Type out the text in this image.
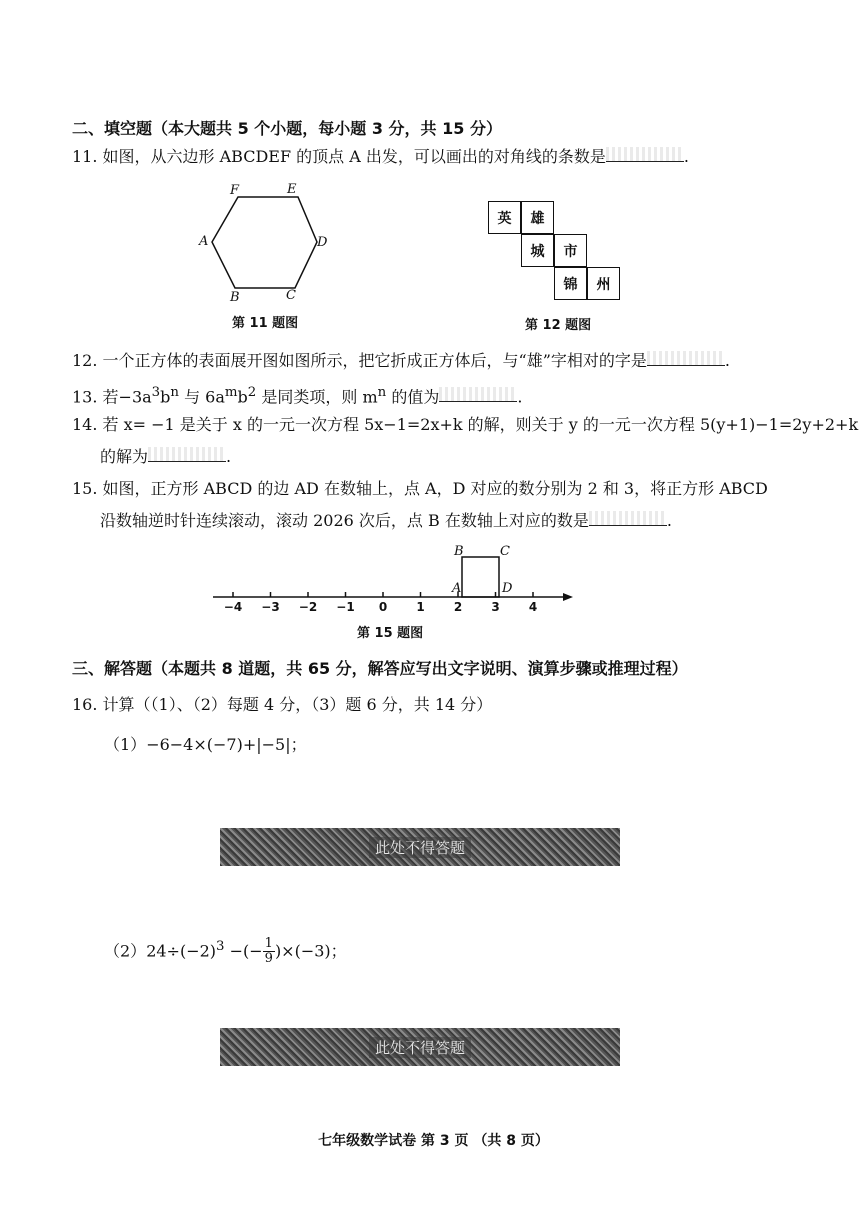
二、填空题（本大题共 5 个小题，每小题 3 分，共 15 分）
11. 如图，从六边形 ABCDEF 的顶点 A 出发，可以画出的对角线的条数是	.
F	E
A	D
B	C
第 11 题图
英	雄
城	市
锦	州
第 12 题图
12. 一个正方体的表面展开图如图所示，把它折成正方体后，与“雄”字相对的字是	.
13. 若$-3a^3b^n$ 与 $6a^mb^2$ 是同类项，则 $m^n$ 的值为	.
14. 若 x= −1 是关于 x 的一元一次方程 5x−1=2x+k 的解，则关于 y 的一元一次方程 5(y+1)−1=2y+2+k
的解为	.
15. 如图，正方形 ABCD 的边 AD 在数轴上，点 A，D 对应的数分别为 2 和 3，将正方形 ABCD
沿数轴逆时针连续滚动，滚动 2026 次后，点 B 在数轴上对应的数是	.
−4 −3 −2 −1	0	1	2	3	4
B	C
A	D
第 15 题图
三、解答题（本题共 8 道题，共 65 分，解答应写出文字说明、演算步骤或推理过程）
16. 计算（（1）、（2）每题 4 分，（3）题 6 分，共 14 分）
（1）−6−4×(−7)+|−5|；
此处不得答题
$(2)24\div(-2)^3$ −(− $\frac{1}{9} )\times(-3)$；
此处不得答题
七年级数学试卷 第 3 页 （共 8 页）
